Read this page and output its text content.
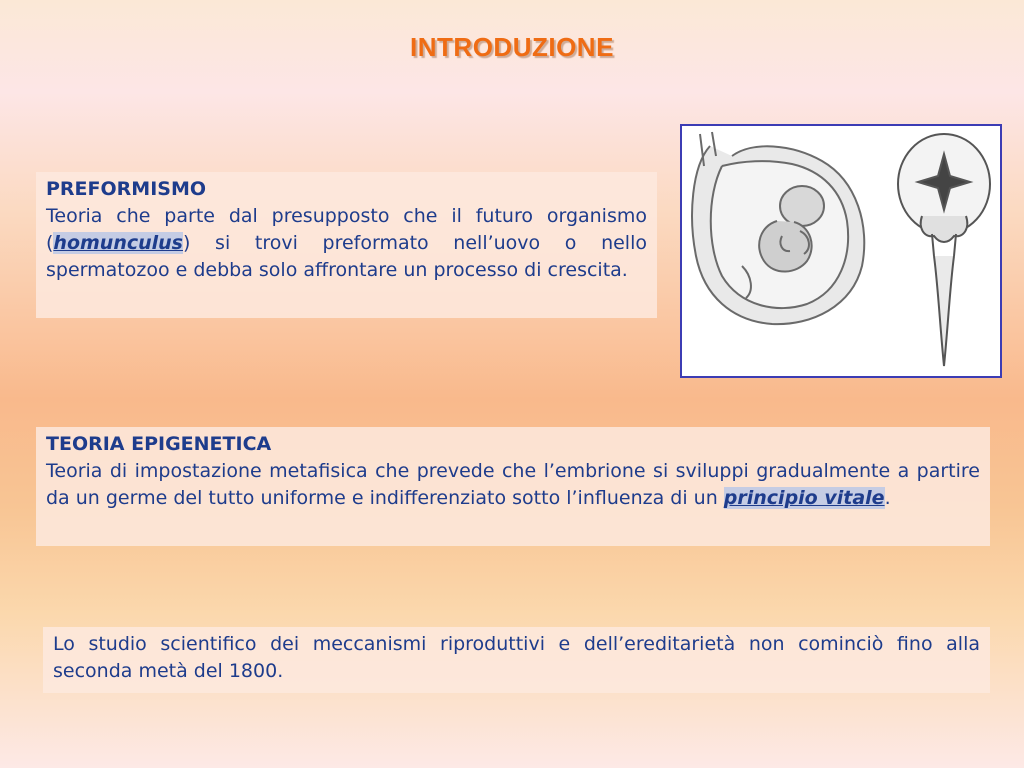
INTRODUZIONE
PREFORMISMO
Teoria che parte dal presupposto che il futuro organismo (homunculus) si trovi preformato nell’uovo o nello spermatozoo e debba solo affrontare un processo di crescita.
TEORIA EPIGENETICA
Teoria di impostazione metafisica che prevede che l’embrione si sviluppi gradualmente a partire da un germe del tutto uniforme e indifferenziato sotto l’influenza di un principio vitale.
Lo studio scientifico dei meccanismi riproduttivi e dell’ereditarietà non cominciò fino alla seconda metà del 1800.
